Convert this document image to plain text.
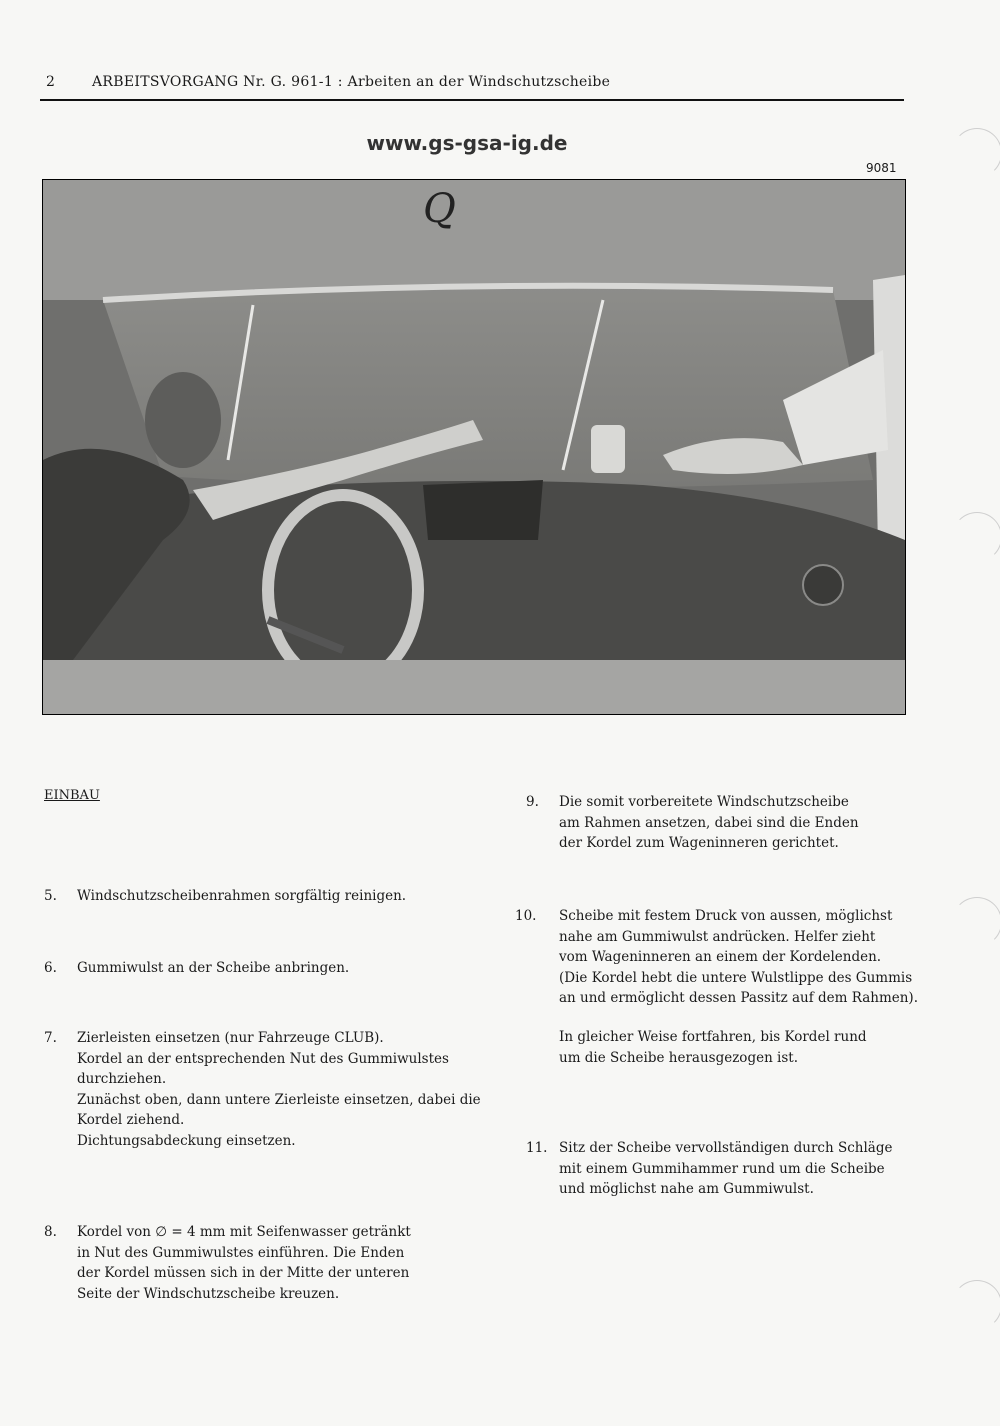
2	ARBEITSVORGANG Nr. G. 961-1 : Arbeiten an der Windschutzscheibe
www.gs-gsa-ig.de
9081
Q
EINBAU
5. Windschutzscheibenrahmen sorgfältig reinigen.
6. Gummiwulst an der Scheibe anbringen.
7. Zierleisten einsetzen (nur Fahrzeuge CLUB).
Kordel an der entsprechenden Nut des Gummiwulstes durchziehen.
Zunächst oben, dann untere Zierleiste einsetzen, dabei die Kordel ziehend.
Dichtungsabdeckung einsetzen.
8. Kordel von ∅ = 4 mm mit Seifenwasser getränkt
in Nut des Gummiwulstes einführen. Die Enden
der Kordel müssen sich in der Mitte der unteren
Seite der Windschutzscheibe kreuzen.
9. Die somit vorbereitete Windschutzscheibe
am Rahmen ansetzen, dabei sind die Enden
der Kordel zum Wageninneren gerichtet.
10. Scheibe mit festem Druck von aussen, möglichst
nahe am Gummiwulst andrücken. Helfer zieht
vom Wageninneren an einem der Kordelenden.
(Die Kordel hebt die untere Wulstlippe des Gummis
an und ermöglicht dessen Passitz auf dem Rahmen).
In gleicher Weise fortfahren, bis Kordel rund
um die Scheibe herausgezogen ist.
11. Sitz der Scheibe vervollständigen durch Schläge
mit einem Gummihammer rund um die Scheibe
und möglichst nahe am Gummiwulst.
